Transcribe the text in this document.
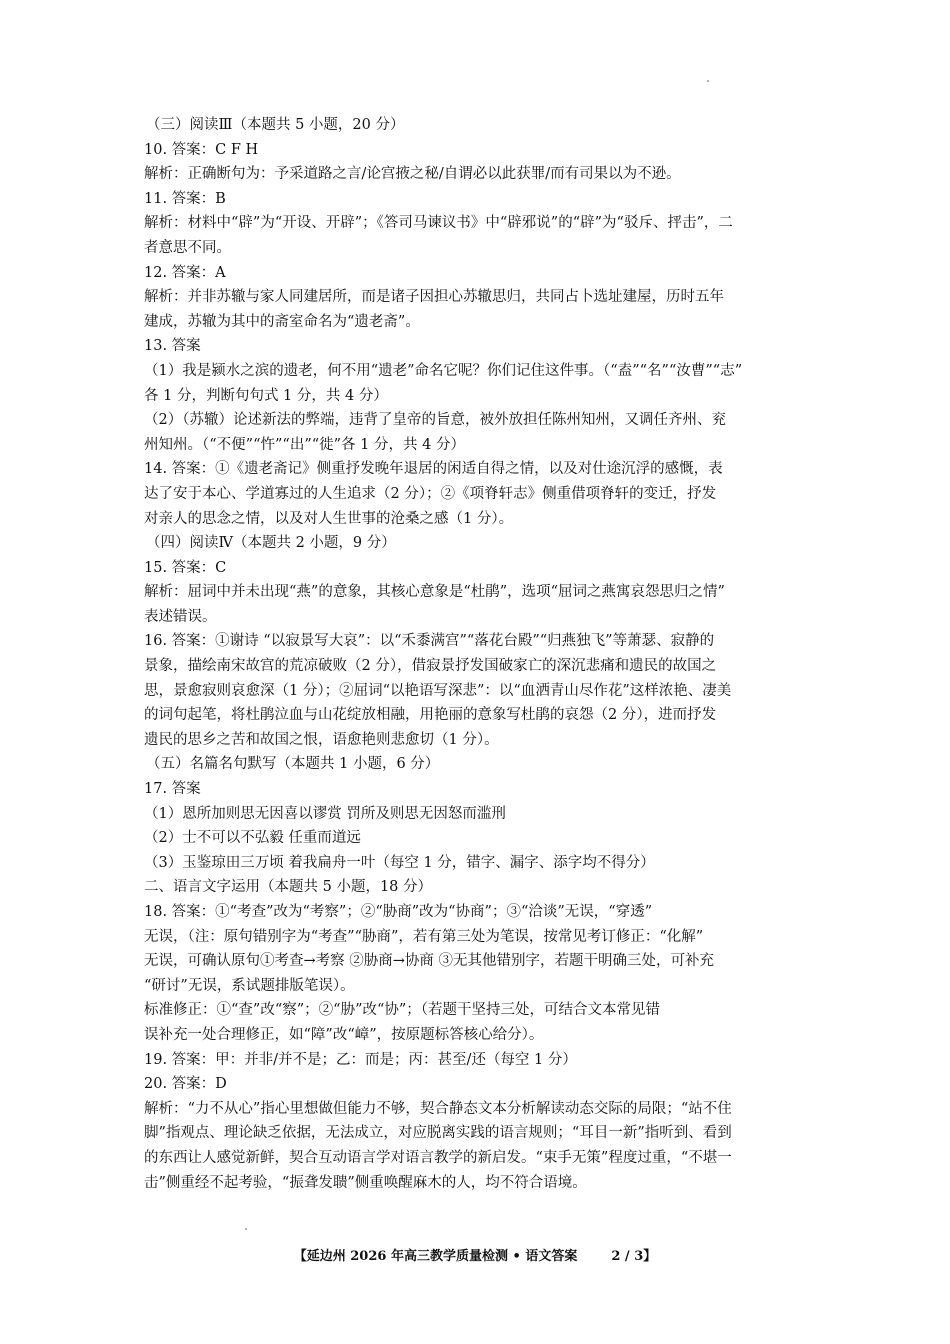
（三）阅读Ⅲ（本题共 5 小题，20 分）
10. 答案：C F H
解析：正确断句为：予采道路之言/论宫掖之秘/自谓必以此获罪/而有司果以为不逊。
11. 答案：B
解析：材料中“辟”为“开设、开辟”；《答司马谏议书》中“辟邪说”的“辟”为“驳斥、抨击”，二
者意思不同。
12. 答案：A
解析：并非苏辙与家人同建居所，而是诸子因担心苏辙思归，共同占卜选址建屋，历时五年
建成，苏辙为其中的斋室命名为“遗老斋”。
13. 答案
（1）我是颍水之滨的遗老，何不用“遗老”命名它呢？你们记住这件事。（“盍”“名”“汝曹”“志”
各 1 分，判断句句式 1 分，共 4 分）
（2）（苏辙）论述新法的弊端，违背了皇帝的旨意，被外放担任陈州知州，又调任齐州、兖
州知州。（“不便”“忤”“出”“徙”各 1 分，共 4 分）
14. 答案：①《遗老斋记》侧重抒发晚年退居的闲适自得之情，以及对仕途沉浮的感慨，表
达了安于本心、学道寡过的人生追求（2 分）；②《项脊轩志》侧重借项脊轩的变迁，抒发
对亲人的思念之情，以及对人生世事的沧桑之感（1 分）。
（四）阅读Ⅳ（本题共 2 小题，9 分）
15. 答案：C
解析：屈词中并未出现“燕”的意象，其核心意象是“杜鹃”，选项“屈词之燕寓哀怨思归之情”
表述错误。
16. 答案：①谢诗 “以寂景写大哀”：以“禾黍满宫”“落花台殿”“归燕独飞”等萧瑟、寂静的
景象，描绘南宋故宫的荒凉破败（2 分），借寂景抒发国破家亡的深沉悲痛和遗民的故国之
思，景愈寂则哀愈深（1 分）；②屈词“以艳语写深悲”：以“血洒青山尽作花”这样浓艳、凄美
的词句起笔，将杜鹃泣血与山花绽放相融，用艳丽的意象写杜鹃的哀怨（2 分），进而抒发
遗民的思乡之苦和故国之恨，语愈艳则悲愈切（1 分）。
（五）名篇名句默写（本题共 1 小题，6 分）
17. 答案
（1）恩所加则思无因喜以谬赏 罚所及则思无因怒而滥刑
（2）士不可以不弘毅 任重而道远
（3）玉鉴琼田三万顷 着我扁舟一叶（每空 1 分，错字、漏字、添字均不得分）
二、语言文字运用（本题共 5 小题，18 分）
18. 答案：①“考查”改为“考察”；②“胁商”改为“协商”；③“洽谈”无误，“穿透”
无误，（注：原句错别字为“考查”“胁商”，若有第三处为笔误，按常见考订修正：“化解”
无误，可确认原句①考查→考察 ②胁商→协商 ③无其他错别字，若题干明确三处，可补充
“研讨”无误，系试题排版笔误）。
标准修正：①“查”改“察”；②“胁”改“协”；（若题干坚持三处，可结合文本常见错
误补充一处合理修正，如“障”改“嶂”，按原题标答核心给分）。
19. 答案：甲：并非/并不是；乙：而是；丙：甚至/还（每空 1 分）
20. 答案：D
解析：“力不从心”指心里想做但能力不够，契合静态文本分析解读动态交际的局限；“站不住
脚”指观点、理论缺乏依据，无法成立，对应脱离实践的语言规则；“耳目一新”指听到、看到
的东西让人感觉新鲜，契合互动语言学对语言教学的新启发。“束手无策”程度过重，“不堪一
击”侧重经不起考验，“振聋发聩”侧重唤醒麻木的人，均不符合语境。
【延边州 2026 年高三教学质量检测 • 语文答案	2 / 3】
